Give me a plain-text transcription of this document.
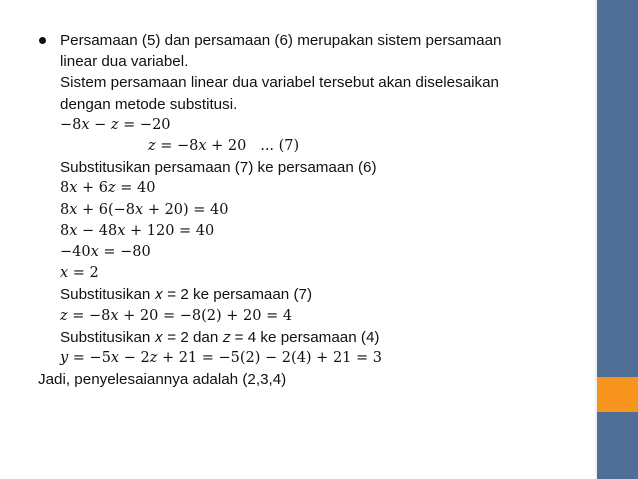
Persamaan (5) dan persamaan (6) merupakan sistem persamaan
linear dua variabel.
Sistem persamaan linear dua variabel tersebut akan diselesaikan
dengan metode substitusi.
−8𝑥 − 𝑧 = −20
𝑧 = −8𝑥 + 20   ... (7)
Substitusikan persamaan (7) ke persamaan (6)
8𝑥 + 6𝑧 = 40
8𝑥 + 6(−8𝑥 + 20) = 40
8𝑥 − 48𝑥 + 120 = 40
−40𝑥 = −80
𝑥 = 2
Substitusikan 𝑥 = 2 ke persamaan (7)
𝑧 = −8𝑥 + 20 = −8(2) + 20 = 4
Substitusikan 𝑥 = 2 dan 𝑧 = 4 ke persamaan (4)
𝑦 = −5𝑥 − 2𝑧 + 21 = −5(2) − 2(4) + 21 = 3
Jadi, penyelesaiannya adalah (2,3,4)
